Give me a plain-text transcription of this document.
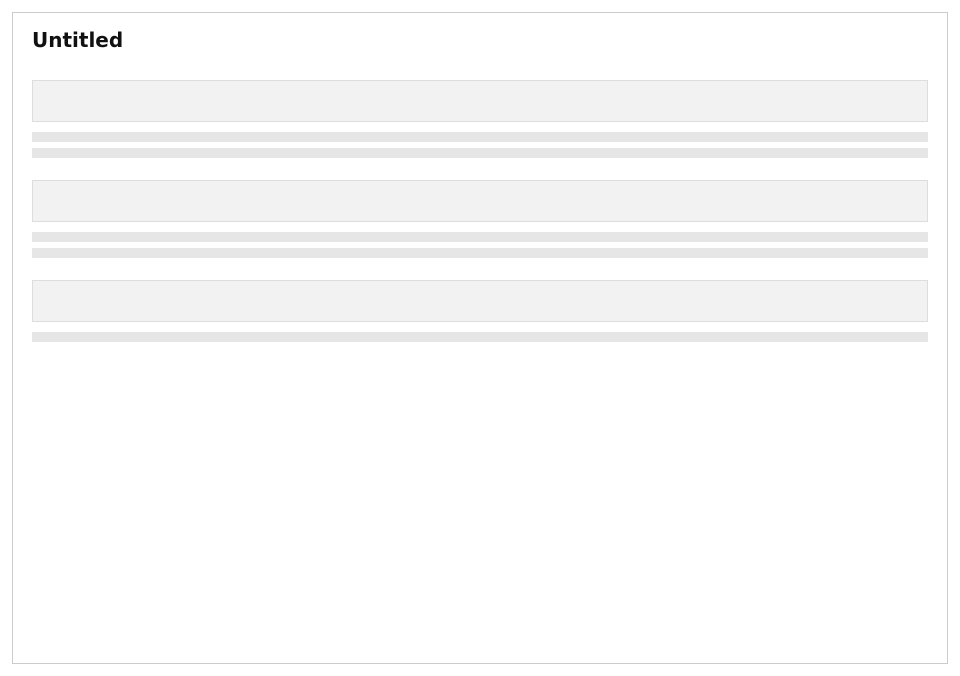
Untitled
